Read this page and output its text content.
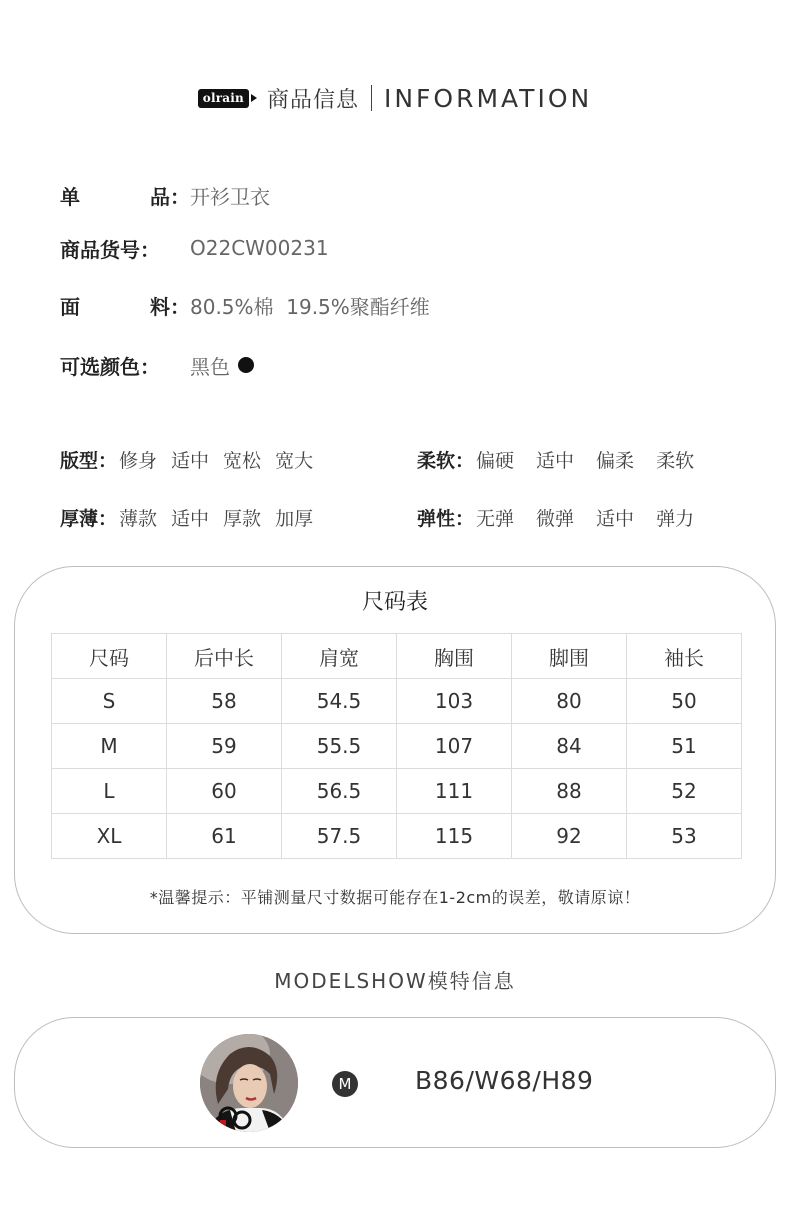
olrain 商品信息 INFORMATION
单	品： 开衫卫衣
商品货号： O22CW00231
面	料： 80.5%棉  19.5%聚酯纤维
可选颜色： 黑色
版型： 修身 适中 宽松 宽大	柔软： 偏硬 适中 偏柔 柔软
厚薄： 薄款 适中 厚款 加厚	弹性： 无弹 微弹 适中 弹力
尺码表
尺码	后中长	肩宽	胸围	脚围	袖长
S	58	54.5	103	80	50
M	59	55.5	107	84	51
L	60	56.5	111	88	52
XL	61	57.5	115	92	53
*温馨提示：平铺测量尺寸数据可能存在1-2cm的误差，敬请原谅！
MODELSHOW模特信息
M	B86/W68/H89
